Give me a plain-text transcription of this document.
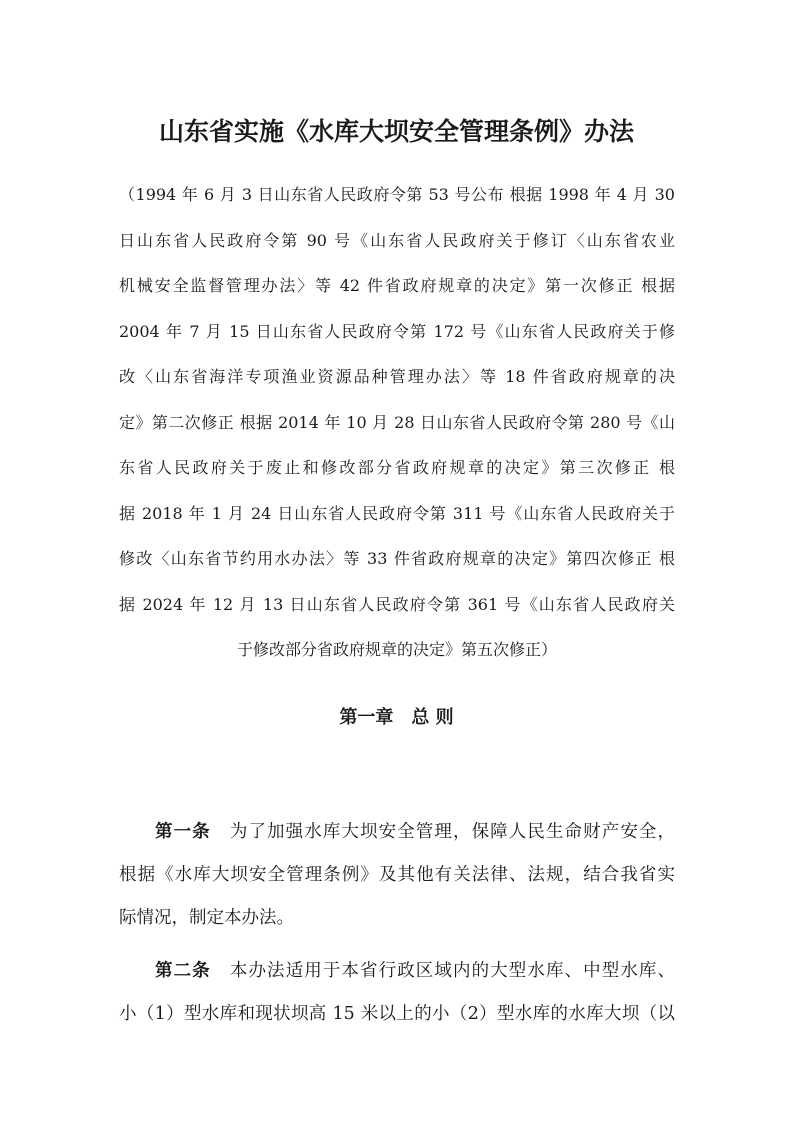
山东省实施《水库大坝安全管理条例》办法
（1994 年 6 月 3 日山东省人民政府令第 53 号公布 根据 1998 年 4 月 30
日山东省人民政府令第 90 号《山东省人民政府关于修订〈山东省农业
机械安全监督管理办法〉等 42 件省政府规章的决定》第一次修正 根据
2004 年 7 月 15 日山东省人民政府令第 172 号《山东省人民政府关于修
改〈山东省海洋专项渔业资源品种管理办法〉等 18 件省政府规章的决
定》第二次修正 根据 2014 年 10 月 28 日山东省人民政府令第 280 号《山
东省人民政府关于废止和修改部分省政府规章的决定》第三次修正 根
据 2018 年 1 月 24 日山东省人民政府令第 311 号《山东省人民政府关于
修改〈山东省节约用水办法〉等 33 件省政府规章的决定》第四次修正 根
据 2024 年 12 月 13 日山东省人民政府令第 361 号《山东省人民政府关
于修改部分省政府规章的决定》第五次修正）
第一章 总 则
第一条 为了加强水库大坝安全管理，保障人民生命财产安全，
根据《水库大坝安全管理条例》及其他有关法律、法规，结合我省实
际情况，制定本办法。
第二条 本办法适用于本省行政区域内的大型水库、中型水库、
小（1）型水库和现状坝高 15 米以上的小（2）型水库的水库大坝（以
